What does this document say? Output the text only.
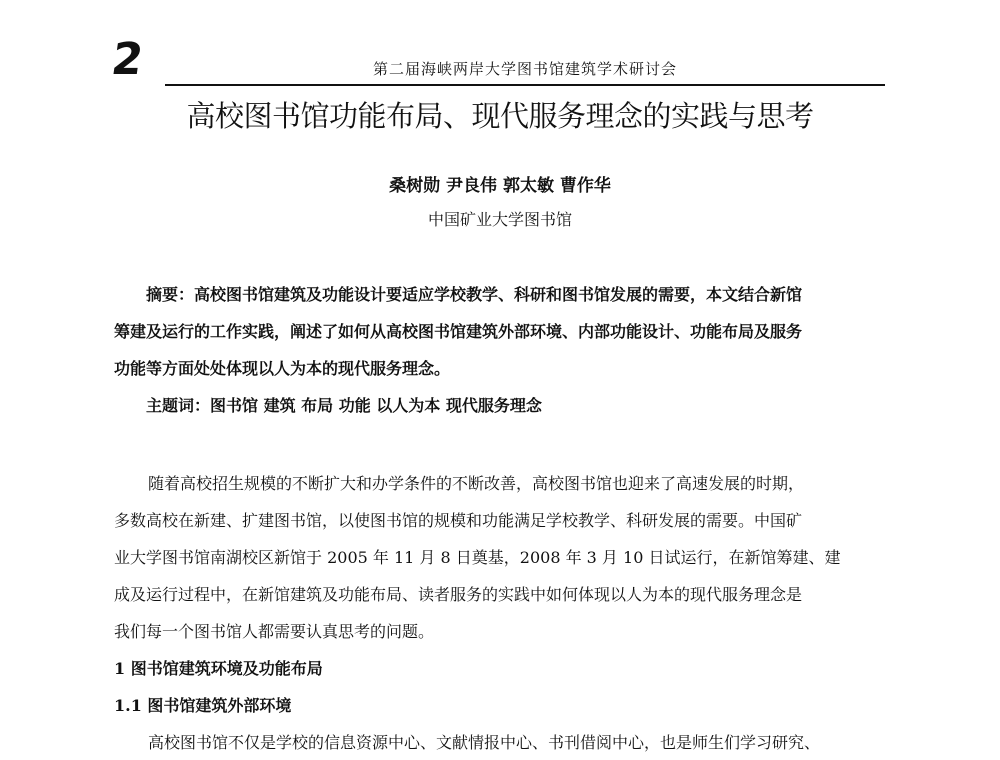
2	第二届海峡两岸大学图书馆建筑学术研讨会
高校图书馆功能布局、现代服务理念的实践与思考
桑树勋 尹良伟 郭太敏 曹作华
中国矿业大学图书馆
摘要：高校图书馆建筑及功能设计要适应学校教学、科研和图书馆发展的需要，本文结合新馆
筹建及运行的工作实践，阐述了如何从高校图书馆建筑外部环境、内部功能设计、功能布局及服务
功能等方面处处体现以人为本的现代服务理念。
主题词：图书馆 建筑 布局 功能 以人为本 现代服务理念
随着高校招生规模的不断扩大和办学条件的不断改善，高校图书馆也迎来了高速发展的时期，
多数高校在新建、扩建图书馆，以使图书馆的规模和功能满足学校教学、科研发展的需要。中国矿
业大学图书馆南湖校区新馆于 2005 年 11 月 8 日奠基，2008 年 3 月 10 日试运行，在新馆筹建、建
成及运行过程中，在新馆建筑及功能布局、读者服务的实践中如何体现以人为本的现代服务理念是
我们每一个图书馆人都需要认真思考的问题。
1 图书馆建筑环境及功能布局
1.1 图书馆建筑外部环境
高校图书馆不仅是学校的信息资源中心、文献情报中心、书刊借阅中心，也是师生们学习研究、
